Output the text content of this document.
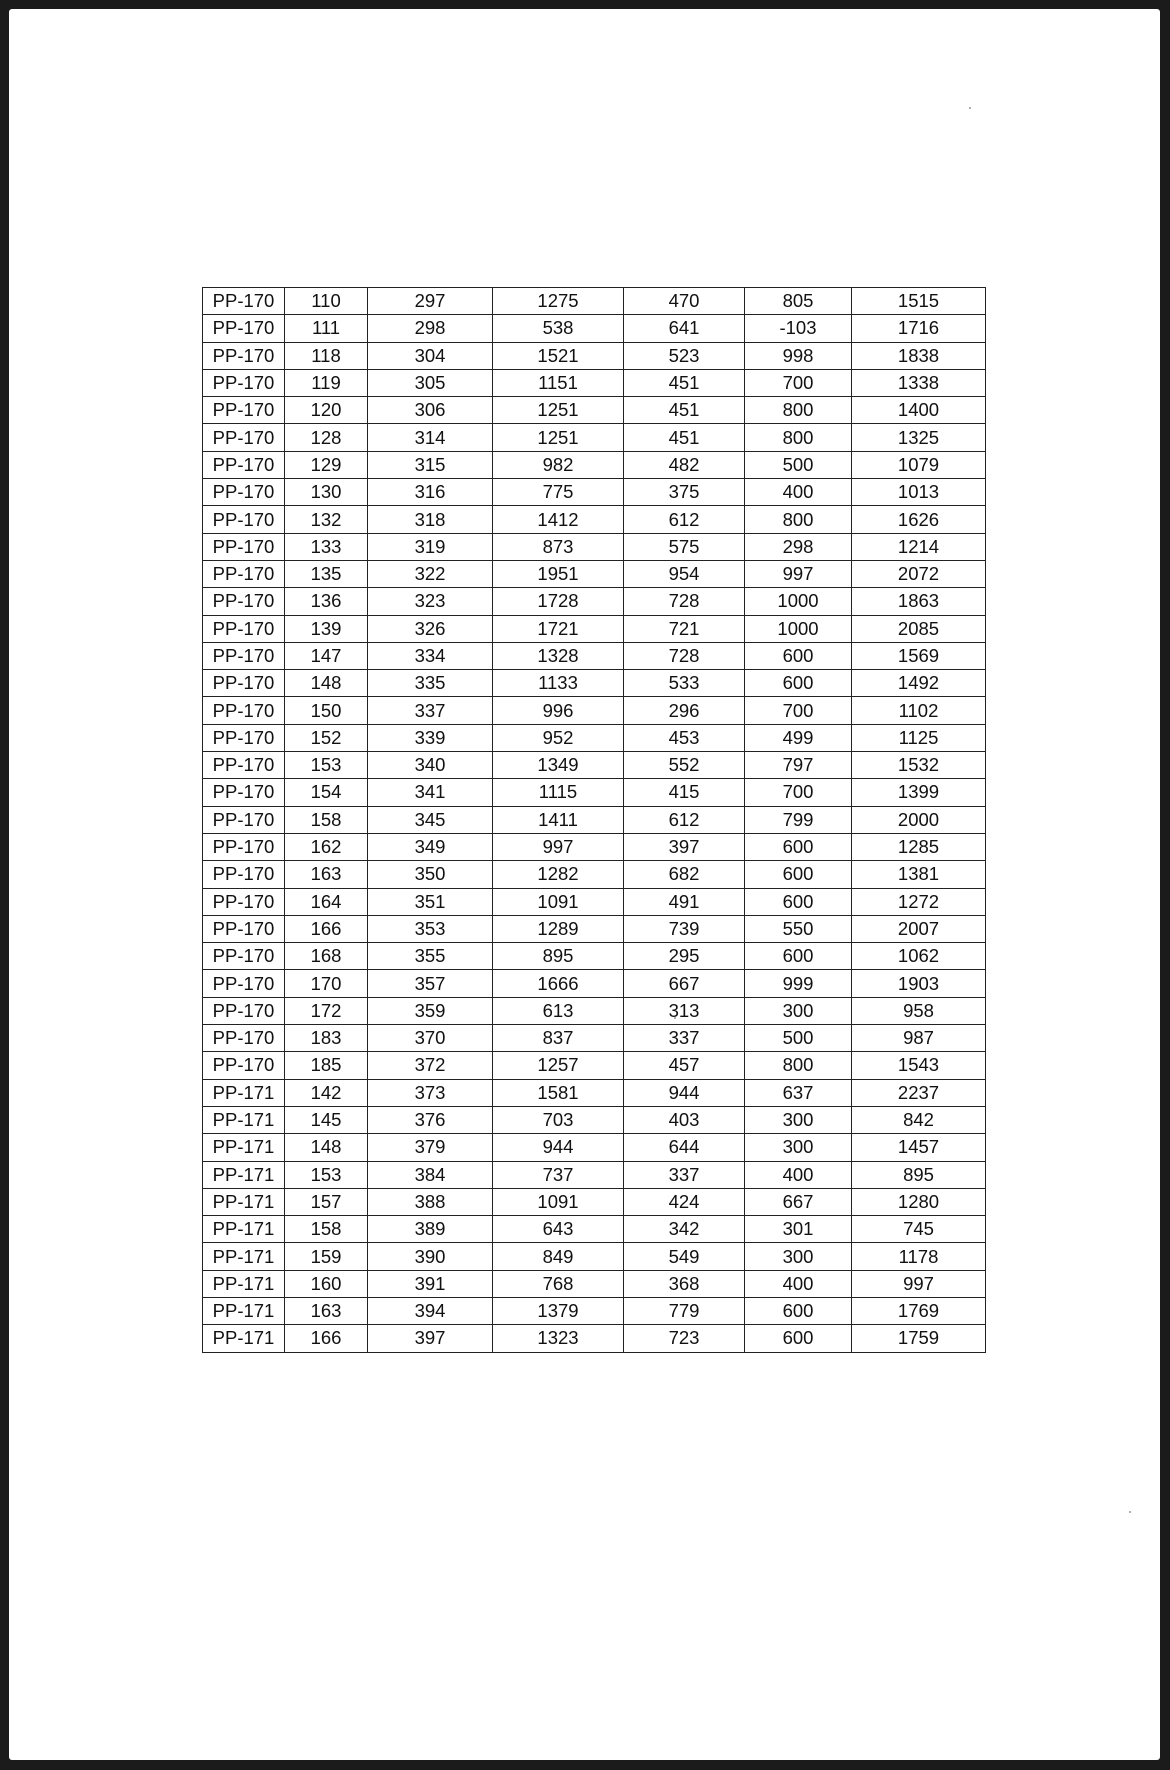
PP-170	110	297	1275	470	805	1515
PP-170	111	298	538	641	-103	1716
PP-170	118	304	1521	523	998	1838
PP-170	119	305	1151	451	700	1338
PP-170	120	306	1251	451	800	1400
PP-170	128	314	1251	451	800	1325
PP-170	129	315	982	482	500	1079
PP-170	130	316	775	375	400	1013
PP-170	132	318	1412	612	800	1626
PP-170	133	319	873	575	298	1214
PP-170	135	322	1951	954	997	2072
PP-170	136	323	1728	728	1000	1863
PP-170	139	326	1721	721	1000	2085
PP-170	147	334	1328	728	600	1569
PP-170	148	335	1133	533	600	1492
PP-170	150	337	996	296	700	1102
PP-170	152	339	952	453	499	1125
PP-170	153	340	1349	552	797	1532
PP-170	154	341	1115	415	700	1399
PP-170	158	345	1411	612	799	2000
PP-170	162	349	997	397	600	1285
PP-170	163	350	1282	682	600	1381
PP-170	164	351	1091	491	600	1272
PP-170	166	353	1289	739	550	2007
PP-170	168	355	895	295	600	1062
PP-170	170	357	1666	667	999	1903
PP-170	172	359	613	313	300	958
PP-170	183	370	837	337	500	987
PP-170	185	372	1257	457	800	1543
PP-171	142	373	1581	944	637	2237
PP-171	145	376	703	403	300	842
PP-171	148	379	944	644	300	1457
PP-171	153	384	737	337	400	895
PP-171	157	388	1091	424	667	1280
PP-171	158	389	643	342	301	745
PP-171	159	390	849	549	300	1178
PP-171	160	391	768	368	400	997
PP-171	163	394	1379	779	600	1769
PP-171	166	397	1323	723	600	1759
